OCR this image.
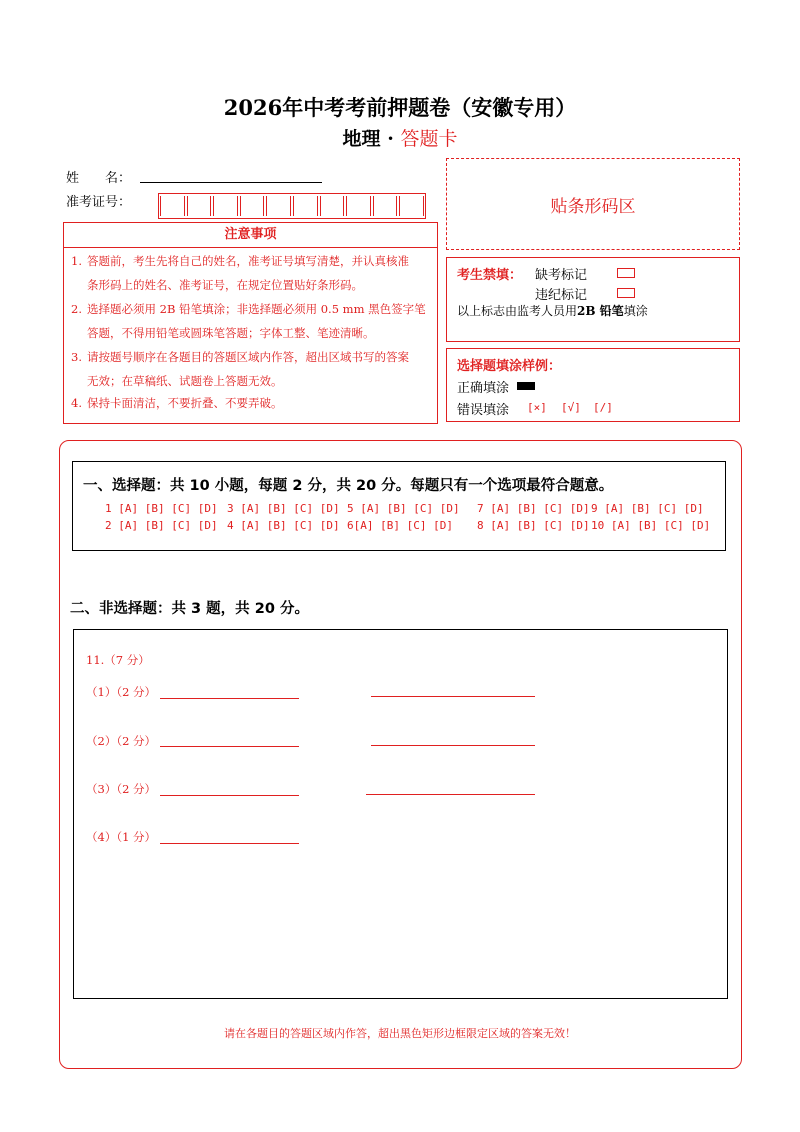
2026年中考考前押题卷（安徽专用）
地理 · 答题卡
姓　　名：
准考证号：	贴条形码区
注意事项
1. 答题前，考生先将自己的姓名，准考证号填写清楚，并认真核准
条形码上的姓名、准考证号，在规定位置贴好条形码。
2. 选择题必须用 2B 铅笔填涂；非选择题必须用 0.5 mm 黑色签字笔
答题，不得用铅笔或圆珠笔答题；字体工整、笔迹清晰。
3. 请按题号顺序在各题目的答题区域内作答，超出区域书写的答案
无效；在草稿纸、试题卷上答题无效。
4. 保持卡面清洁，不要折叠、不要弄破。
考生禁填： 缺考标记
违纪标记
以上标志由监考人员用2B 铅笔填涂
选择题填涂样例：
正确填涂
错误填涂 [×] [√] [/]
一、选择题：共 10 小题，每题 2 分，共 20 分。每题只有一个选项最符合题意。
1 [A] [B] [C] [D] 3 [A] [B] [C] [D] 5 [A] [B] [C] [D] 7 [A] [B] [C] [D] 9 [A] [B] [C] [D]
2 [A] [B] [C] [D] 4 [A] [B] [C] [D] 6[A] [B] [C] [D] 8 [A] [B] [C] [D] 10 [A] [B] [C] [D]
二、非选择题：共 3 题，共 20 分。
11.（7 分）
（1）（2 分）
（2）（2 分）
（3）（2 分）
（4）（1 分）
请在各题目的答题区域内作答，超出黑色矩形边框限定区域的答案无效！
